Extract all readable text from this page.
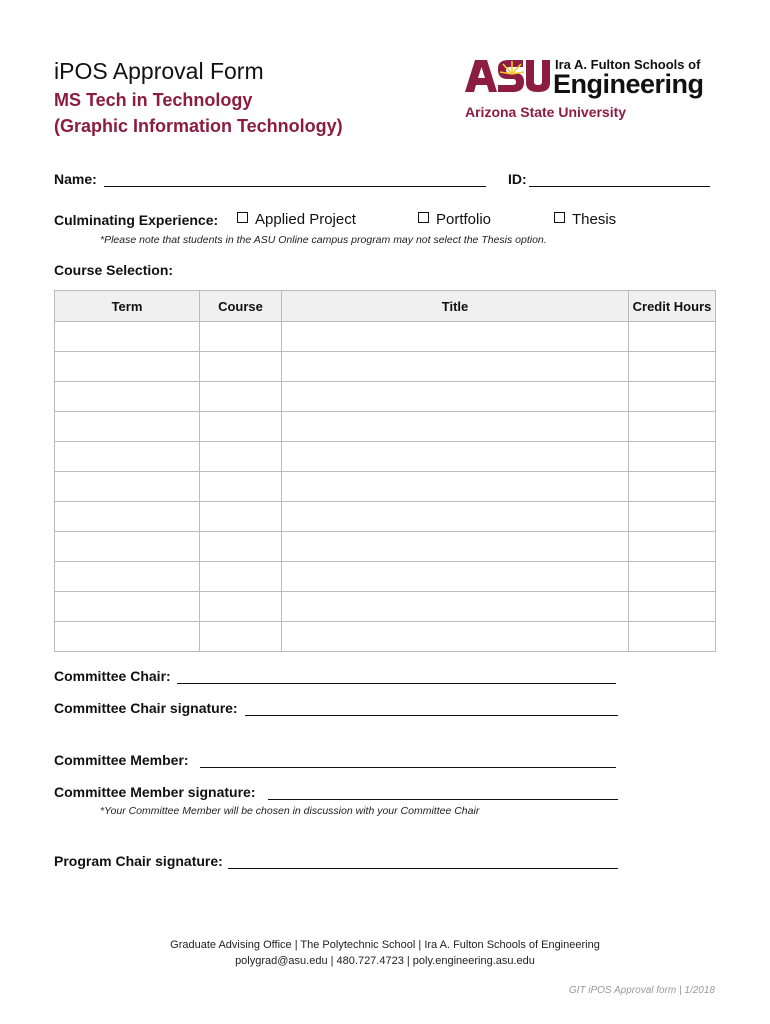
iPOS Approval Form
MS Tech in Technology
(Graphic Information Technology)
Ira A. Fulton Schools of
Engineering
Arizona State University
Name:	ID:
Culminating Experience:	Applied Project	Portfolio	Thesis
*Please note that students in the ASU Online campus program may not select the Thesis option.
Course Selection:
Term	Course	Title	Credit Hours

Committee Chair:
Committee Chair signature:
Committee Member:
Committee Member signature:
*Your Committee Member will be chosen in discussion with your Committee Chair
Program Chair signature:
Graduate Advising Office | The Polytechnic School | Ira A. Fulton Schools of Engineering
polygrad@asu.edu | 480.727.4723 | poly.engineering.asu.edu
GIT iPOS Approval form | 1/2018
